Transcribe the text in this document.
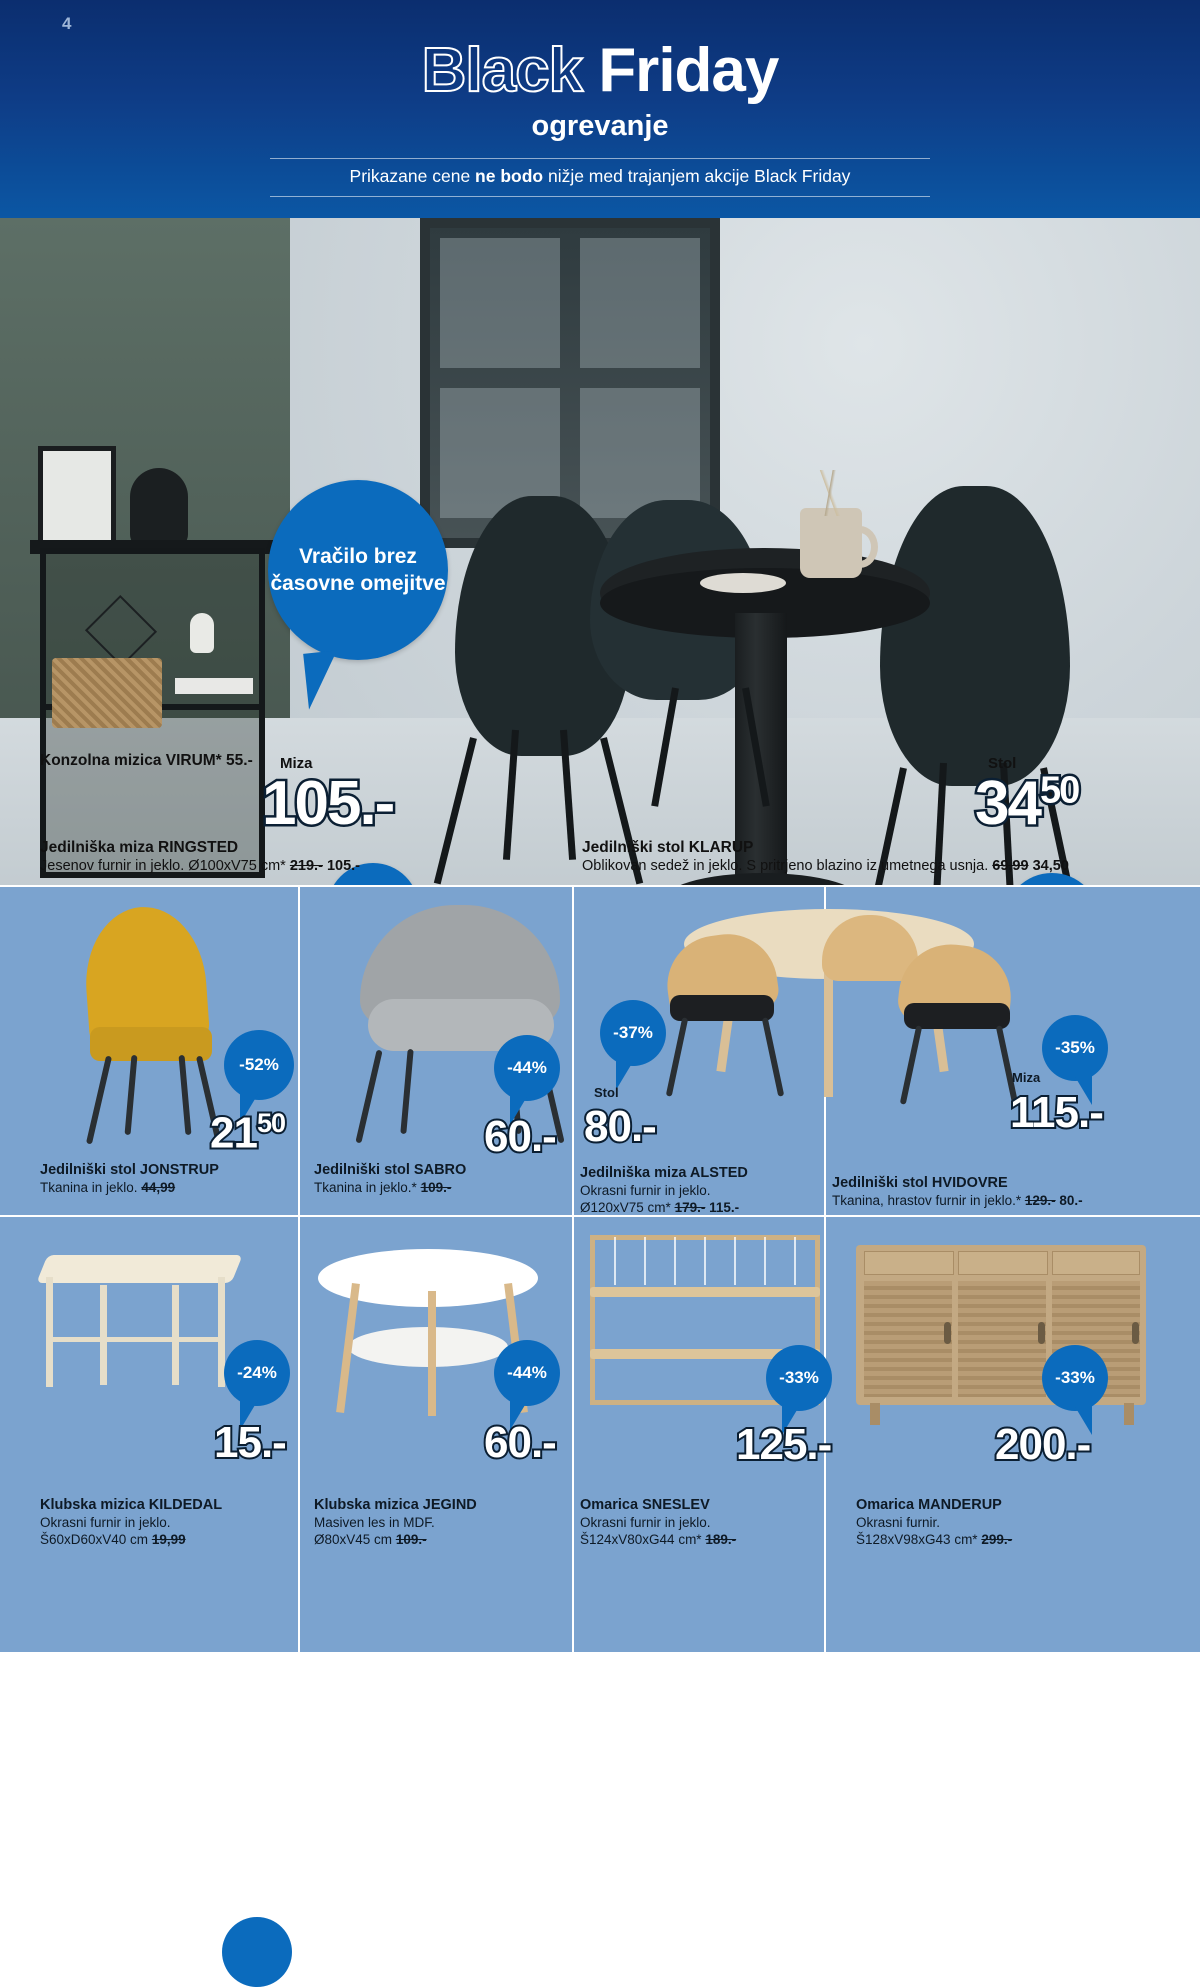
4
Black Friday
ogrevanje
Prikazane cene ne bodo nižje med trajanjem akcije Black Friday
Vračilo brez časovne omejitve
Konzolna mizica VIRUM* 55.- Miza	Stol
105.-	$34^{50}$
Jedilniška miza RINGSTED
Jesenov furnir in jeklo. Ø100xV75 cm* 219.- 105.-
Jedilniški stol KLARUP
Oblikovan sedež in jeklo. S pritrjeno blazino iz umetnega usnja. 69,99 34,50
Jedilniški stol JONSTRUP
Tkanina in jeklo. 44,99
Jedilniški stol SABRO
Tkanina in jeklo.* 109.-
Jedilniška miza ALSTED
Okrasni furnir in jeklo.
Ø120xV75 cm* 179.- 115.-
Jedilniški stol HVIDOVRE
Tkanina, hrastov furnir in jeklo.* 129.- 80.-
-52%
$21^{50}$
-44%
60.-
-37%
Stol
80.-
-35%
Miza
115.-
Klubska mizica KILDEDAL
Okrasni furnir in jeklo.
Š60xD60xV40 cm 19,99
Klubska mizica JEGIND
Masiven les in MDF.
Ø80xV45 cm 109.-
Omarica SNESLEV
Okrasni furnir in jeklo.
Š124xV80xG44 cm* 189.-
Omarica MANDERUP
Okrasni furnir.
Š128xV98xG43 cm* 299.-
-24%
15.-
-44%
60.-
-33%
125.-
-33%
200.-
